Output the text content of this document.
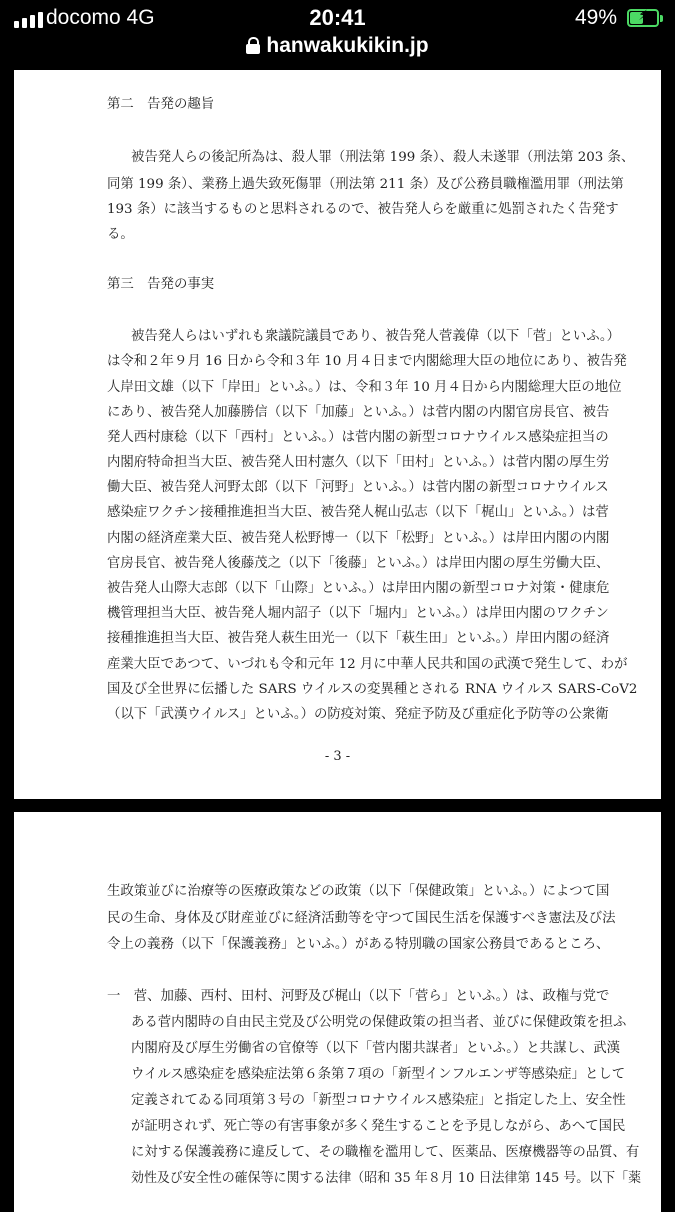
docomo 4G	20:41	49%	⚡
hanwakukikin.jp
第二　告発の趣旨
被告発人らの後記所為は、殺人罪（刑法第 199 条）、殺人未遂罪（刑法第 203 条、
同第 199 条）、業務上過失致死傷罪（刑法第 211 条）及び公務員職権濫用罪（刑法第
193 条）に該当するものと思料されるので、被告発人らを厳重に処罰されたく告発す
る。
第三　告発の事実
被告発人らはいずれも衆議院議員であり、被告発人菅義偉（以下「菅」といふ。）
は令和２年９月 16 日から令和３年 10 月４日まで内閣総理大臣の地位にあり、被告発
人岸田文雄（以下「岸田」といふ。）は、令和３年 10 月４日から内閣総理大臣の地位
にあり、被告発人加藤勝信（以下「加藤」といふ。）は菅内閣の内閣官房長官、被告
発人西村康稔（以下「西村」といふ。）は菅内閣の新型コロナウイルス感染症担当の
内閣府特命担当大臣、被告発人田村憲久（以下「田村」といふ。）は菅内閣の厚生労
働大臣、被告発人河野太郎（以下「河野」といふ。）は菅内閣の新型コロナウイルス
感染症ワクチン接種推進担当大臣、被告発人梶山弘志（以下「梶山」といふ。）は菅
内閣の経済産業大臣、被告発人松野博一（以下「松野」といふ。）は岸田内閣の内閣
官房長官、被告発人後藤茂之（以下「後藤」といふ。）は岸田内閣の厚生労働大臣、
被告発人山際大志郎（以下「山際」といふ。）は岸田内閣の新型コロナ対策・健康危
機管理担当大臣、被告発人堀内詔子（以下「堀内」といふ。）は岸田内閣のワクチン
接種推進担当大臣、被告発人萩生田光一（以下「萩生田」といふ。）岸田内閣の経済
産業大臣であつて、いづれも令和元年 12 月に中華人民共和国の武漢で発生して、わが
国及び全世界に伝播した SARS ウイルスの変異種とされる RNA ウイルス SARS-CoV2
（以下「武漢ウイルス」といふ。）の防疫対策、発症予防及び重症化予防等の公衆衛
- 3 -
生政策並びに治療等の医療政策などの政策（以下「保健政策」といふ。）によつて国
民の生命、身体及び財産並びに経済活動等を守つて国民生活を保護すべき憲法及び法
令上の義務（以下「保護義務」といふ。）がある特別職の国家公務員であるところ、
一　菅、加藤、西村、田村、河野及び梶山（以下「菅ら」といふ。）は、政権与党で
ある菅内閣時の自由民主党及び公明党の保健政策の担当者、並びに保健政策を担ふ
内閣府及び厚生労働省の官僚等（以下「菅内閣共謀者」といふ。）と共謀し、武漢
ウイルス感染症を感染症法第６条第７項の「新型インフルエンザ等感染症」として
定義されてゐる同項第３号の「新型コロナウイルス感染症」と指定した上、安全性
が証明されず、死亡等の有害事象が多く発生することを予見しながら、あへて国民
に対する保護義務に違反して、その職権を濫用して、医薬品、医療機器等の品質、有
効性及び安全性の確保等に関する法律（昭和 35 年８月 10 日法律第 145 号。以下「薬
